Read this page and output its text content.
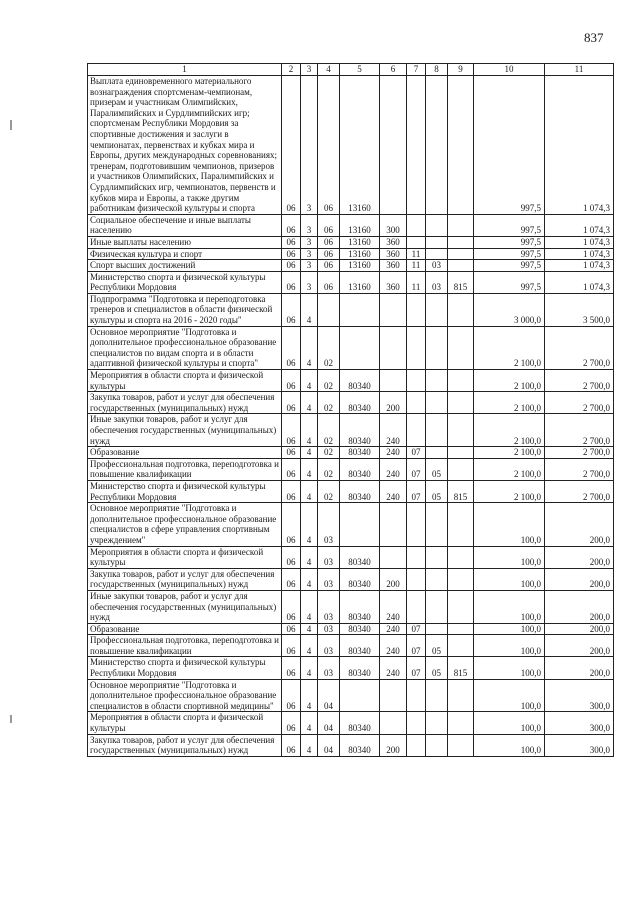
837
1	2	3	4	5	6	7	8	9	10	11
Выплата единовременного материального вознаграждения спортсменам-чемпионам, призерам и участникам Олимпийских, Паралимпийских и Сурдлимпийских игр; спортсменам Республики Мордовия за спортивные достижения и заслуги в чемпионатах, первенствах и кубках мира и Европы, других международных соревнованиях; тренерам, подготовившим чемпионов, призеров и участников Олимпийских, Паралимпийских и Сурдлимпийских игр, чемпионатов, первенств и кубков мира и Европы, а также другим работникам физической культуры и спорта	06	3	06	13160					997,5	1 074,3
Социальное обеспечение и иные выплаты населению	06	3	06	13160	300				997,5	1 074,3
Иные выплаты населению	06	3	06	13160	360				997,5	1 074,3
Физическая культура и спорт	06	3	06	13160	360	11			997,5	1 074,3
Спорт высших достижений	06	3	06	13160	360	11	03		997,5	1 074,3
Министерство спорта и физической культуры Республики Мордовия	06	3	06	13160	360	11	03	815	997,5	1 074,3
Подпрограмма "Подготовка и переподготовка тренеров и специалистов в области физической культуры и спорта на 2016 - 2020 годы"	06	4							3 000,0	3 500,0
Основное мероприятие "Подготовка и дополнительное профессиональное образование специалистов по видам спорта и в области адаптивной физической культуры и спорта"	06	4	02						2 100,0	2 700,0
Мероприятия в области спорта и физической культуры	06	4	02	80340					2 100,0	2 700,0
Закупка товаров, работ и услуг для обеспечения государственных (муниципальных) нужд	06	4	02	80340	200				2 100,0	2 700,0
Иные закупки товаров, работ и услуг для обеспечения государственных (муниципальных) нужд	06	4	02	80340	240				2 100,0	2 700,0
Образование	06	4	02	80340	240	07			2 100,0	2 700,0
Профессиональная подготовка, переподготовка и повышение квалификации	06	4	02	80340	240	07	05		2 100,0	2 700,0
Министерство спорта и физической культуры Республики Мордовия	06	4	02	80340	240	07	05	815	2 100,0	2 700,0
Основное мероприятие "Подготовка и дополнительное профессиональное образование специалистов в сфере управления спортивным учреждением"	06	4	03						100,0	200,0
Мероприятия в области спорта и физической культуры	06	4	03	80340					100,0	200,0
Закупка товаров, работ и услуг для обеспечения государственных (муниципальных) нужд	06	4	03	80340	200				100,0	200,0
Иные закупки товаров, работ и услуг для обеспечения государственных (муниципальных) нужд	06	4	03	80340	240				100,0	200,0
Образование	06	4	03	80340	240	07			100,0	200,0
Профессиональная подготовка, переподготовка и повышение квалификации	06	4	03	80340	240	07	05		100,0	200,0
Министерство спорта и физической культуры Республики Мордовия	06	4	03	80340	240	07	05	815	100,0	200,0
Основное мероприятие "Подготовка и дополнительное профессиональное образование специалистов в области спортивной медицины"	06	4	04						100,0	300,0
Мероприятия в области спорта и физической культуры	06	4	04	80340					100,0	300,0
Закупка товаров, работ и услуг для обеспечения государственных (муниципальных) нужд	06	4	04	80340	200				100,0	300,0
